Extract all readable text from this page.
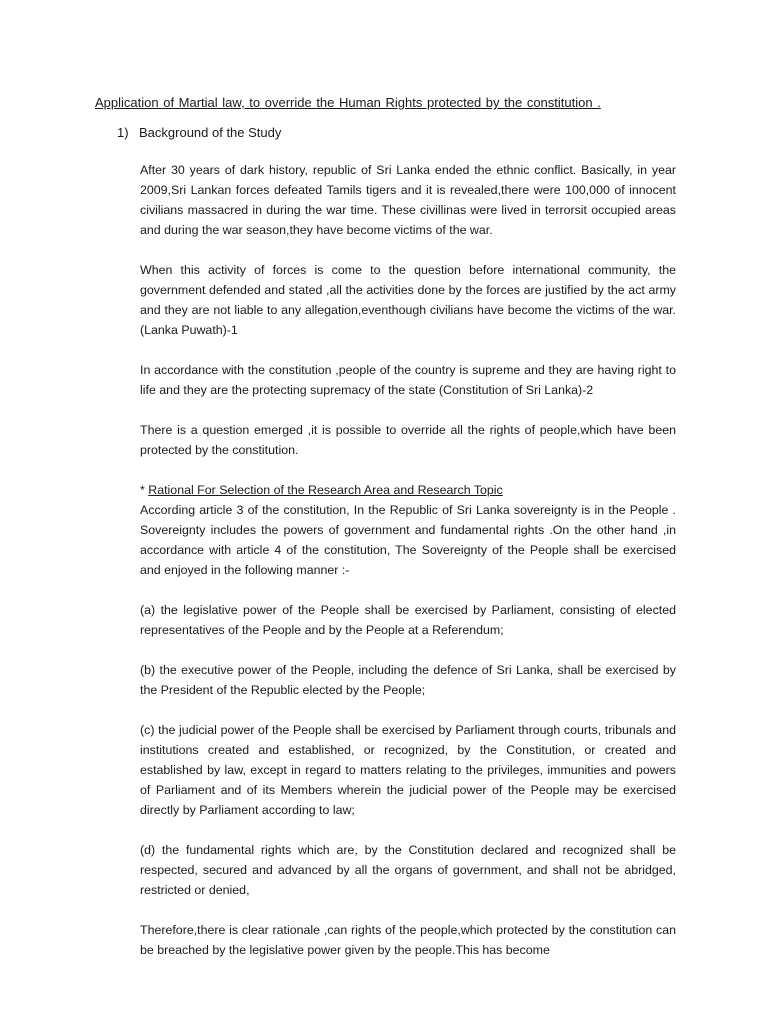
Application of Martial law, to override the Human Rights protected by the constitution .
1) Background of the Study

After 30 years of dark history, republic of Sri Lanka ended the ethnic conflict. Basically, in year 2009,Sri Lankan forces defeated Tamils tigers and it is revealed,there were 100,000 of innocent civilians massacred in during the war time. These civillinas were lived in terrorsit occupied areas and during the war season,they have become victims of the war.

When this activity of forces is come to the question before international community, the government defended and stated ,all the activities done by the forces are justified by the act army and they are not liable to any allegation,eventhough civilians have become the victims of the war. (Lanka Puwath)-1

In accordance with the constitution ,people of the country is supreme and they are having right to life and they are the protecting supremacy of the state (Constitution of Sri Lanka)-2

There is a question emerged ,it is possible to override all the rights of people,which have been protected by the constitution.

* Rational For Selection of the Research Area and Research Topic

According article 3 of the constitution, In the Republic of Sri Lanka sovereignty is in the People . Sovereignty includes the powers of government and fundamental rights .On the other hand ,in accordance with article 4 of the constitution, The Sovereignty of the People shall be exercised and enjoyed in the following manner :-

(a) the legislative power of the People shall be exercised by Parliament, consisting of elected representatives of the People and by the People at a Referendum;

(b) the executive power of the People, including the defence of Sri Lanka, shall be exercised by the President of the Republic elected by the People;

(c) the judicial power of the People shall be exercised by Parliament through courts, tribunals and institutions created and established, or recognized, by the Constitution, or created and established by law, except in regard to matters relating to the privileges, immunities and powers of Parliament and of its Members wherein the judicial power of the People may be exercised directly by Parliament according to law;

(d) the fundamental rights which are, by the Constitution declared and recognized shall be respected, secured and advanced by all the organs of government, and shall not be abridged, restricted or denied,

Therefore,there is clear rationale ,can rights of the people,which protected by the constitution can be breached by the legislative power given by the people.This has become
